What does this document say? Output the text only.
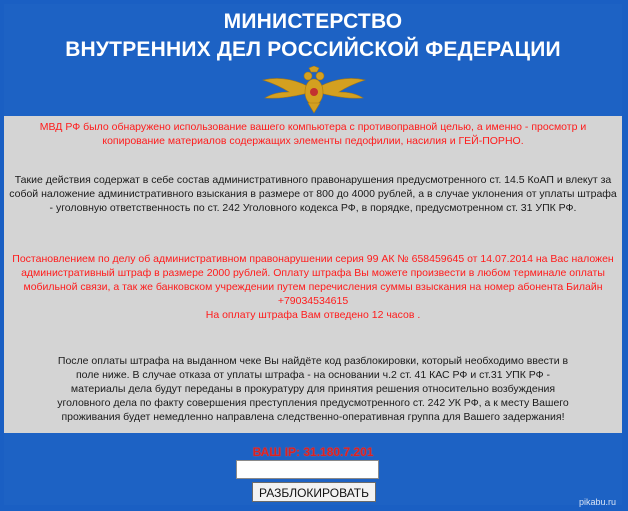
МИНИСТЕРСТВО
ВНУТРЕННИХ ДЕЛ РОССИЙСКОЙ ФЕДЕРАЦИИ
МВД РФ было обнаружено использование вашего компьютера с противоправной целью, а именно - просмотр и копирование материалов содержащих элементы педофилии, насилия и ГЕЙ-ПОРНО.
Такие действия содержат в себе состав административного правонарушения предусмотренного ст. 14.5 КоАП и влекут за собой наложение административного взыскания в размере от 800 до 4000 рублей, а в случае уклонения от уплаты штрафа - уголовную ответственность по ст. 242 Уголовного кодекса РФ, в порядке, предусмотренном ст. 31 УПК РФ.
Постановлением по делу об административном правонарушении серия 99 АК № 658459645 от 14.07.2014 на Вас наложен административный штраф в размере 2000 рублей. Оплату штрафа Вы можете произвести в любом терминале оплаты мобильной связи, а так же банковском учреждении путем перечисления суммы взыскания на номер абонента Билайн +79034534615
На оплату штрафа Вам отведено 12 часов .
После оплаты штрафа на выданном чеке Вы найдёте код разблокировки, который необходимо ввести в
поле ниже. В случае отказа от уплаты штрафа - на основании ч.2 ст. 41 КАС РФ и ст.31 УПК РФ -
материалы дела будут переданы в прокуратуру для принятия решения относительно возбуждения
уголовного дела по факту совершения преступления предусмотренного ст. 242 УК РФ, а к месту Вашего
проживания будет немедленно направлена следственно-оперативная группа для Вашего задержания!
ВАШ IP: 31.180.7.201
РАЗБЛОКИРОВАТЬ
pikabu.ru
